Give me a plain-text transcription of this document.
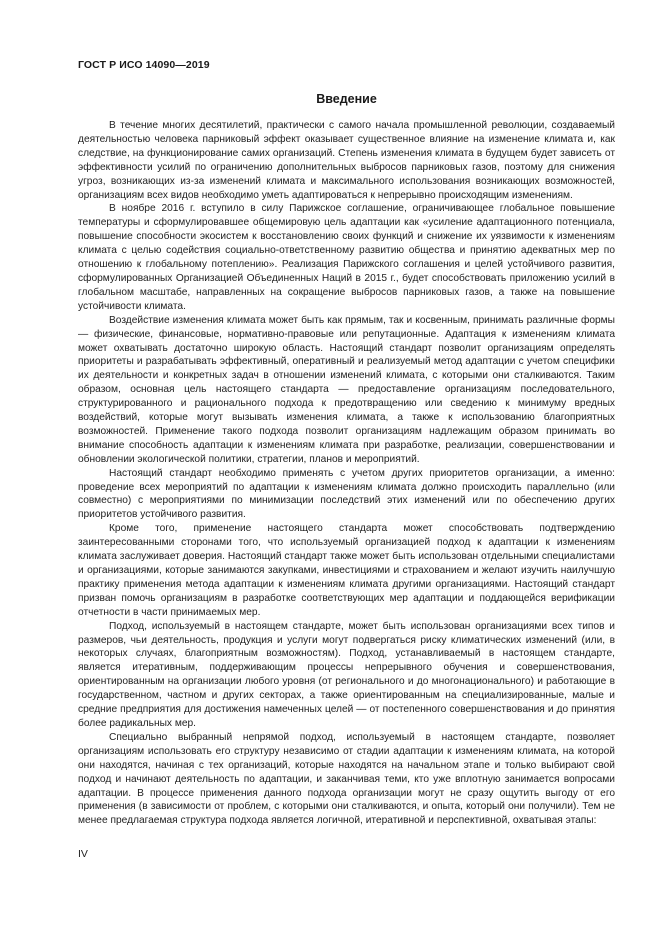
ГОСТ Р ИСО 14090—2019
Введение

В течение многих десятилетий, практически с самого начала промышленной революции, создаваемый деятельностью человека парниковый эффект оказывает существенное влияние на изменение климата и, как следствие, на функционирование самих организаций. Степень изменения климата в будущем будет зависеть от эффективности усилий по ограничению дополнительных выбросов парниковых газов, поэтому для снижения угроз, возникающих из-за изменений климата и максимального использования возникающих возможностей, организациям всех видов необходимо уметь адаптироваться к непрерывно происходящим изменениям.

В ноябре 2016 г. вступило в силу Парижское соглашение, ограничивающее глобальное повышение температуры и сформулировавшее общемировую цель адаптации как «усиление адаптационного потенциала, повышение способности экосистем к восстановлению своих функций и снижение их уязвимости к изменениям климата с целью содействия социально-ответственному развитию общества и принятию адекватных мер по отношению к глобальному потеплению». Реализация Парижского соглашения и целей устойчивого развития, сформулированных Организацией Объединенных Наций в 2015 г., будет способствовать приложению усилий в глобальном масштабе, направленных на сокращение выбросов парниковых газов, а также на повышение устойчивости климата.

Воздействие изменения климата может быть как прямым, так и косвенным, принимать различные формы — физические, финансовые, нормативно-правовые или репутационные. Адаптация к изменениям климата может охватывать достаточно широкую область. Настоящий стандарт позволит организациям определять приоритеты и разрабатывать эффективный, оперативный и реализуемый метод адаптации с учетом специфики их деятельности и конкретных задач в отношении изменений климата, с которыми они сталкиваются. Таким образом, основная цель настоящего стандарта — предоставление организациям последовательного, структурированного и рационального подхода к предотвращению или сведению к минимуму вредных воздействий, которые могут вызывать изменения климата, а также к использованию благоприятных возможностей. Применение такого подхода позволит организациям надлежащим образом принимать во внимание способность адаптации к изменениям климата при разработке, реализации, совершенствовании и обновлении экологической политики, стратегии, планов и мероприятий.

Настоящий стандарт необходимо применять с учетом других приоритетов организации, а именно: проведение всех мероприятий по адаптации к изменениям климата должно происходить параллельно (или совместно) с мероприятиями по минимизации последствий этих изменений или по обеспечению других приоритетов устойчивого развития.

Кроме того, применение настоящего стандарта может способствовать подтверждению заинтересованными сторонами того, что используемый организацией подход к адаптации к изменениям климата заслуживает доверия. Настоящий стандарт также может быть использован отдельными специалистами и организациями, которые занимаются закупками, инвестициями и страхованием и желают изучить наилучшую практику применения метода адаптации к изменениям климата другими организациями. Настоящий стандарт призван помочь организациям в разработке соответствующих мер адаптации и поддающейся верификации отчетности в части принимаемых мер.

Подход, используемый в настоящем стандарте, может быть использован организациями всех типов и размеров, чьи деятельность, продукция и услуги могут подвергаться риску климатических изменений (или, в некоторых случаях, благоприятным возможностям). Подход, устанавливаемый в настоящем стандарте, является итеративным, поддерживающим процессы непрерывного обучения и совершенствования, ориентированным на организации любого уровня (от регионального и до многонационального) и работающие в государственном, частном и других секторах, а также ориентированным на специализированные, малые и средние предприятия для достижения намеченных целей — от постепенного совершенствования и до принятия более радикальных мер.

Специально выбранный непрямой подход, используемый в настоящем стандарте, позволяет организациям использовать его структуру независимо от стадии адаптации к изменениям климата, на которой они находятся, начиная с тех организаций, которые находятся на начальном этапе и только выбирают свой подход и начинают деятельность по адаптации, и заканчивая теми, кто уже вплотную занимается вопросами адаптации. В процессе применения данного подхода организации могут не сразу ощутить выгоду от его применения (в зависимости от проблем, с которыми они сталкиваются, и опыта, который они получили). Тем не менее предлагаемая структура подхода является логичной, итеративной и перспективной, охватывая этапы:

IV
